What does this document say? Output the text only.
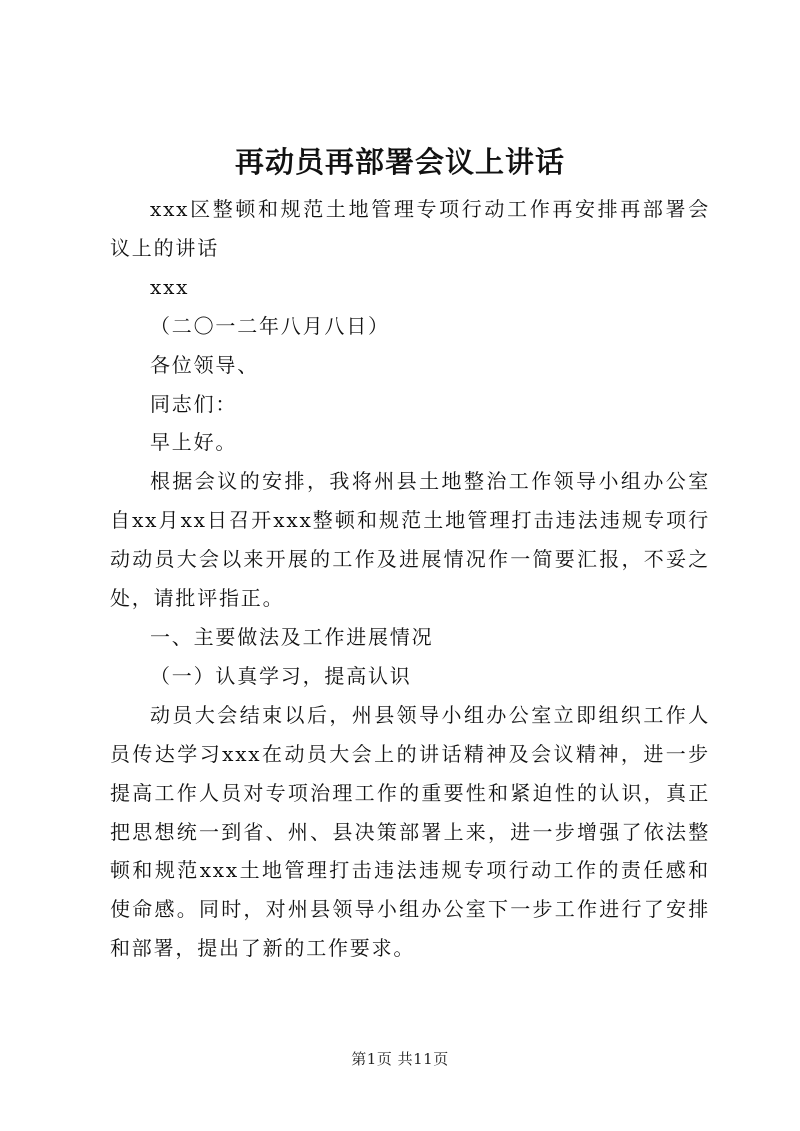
再动员再部署会议上讲话

xxx区整顿和规范土地管理专项行动工作再安排再部署会议上的讲话

xxx

（二〇一二年八月八日）

各位领导、

同志们：

早上好。

根据会议的安排，我将州县土地整治工作领导小组办公室自xx月xx日召开xxx整顿和规范土地管理打击违法违规专项行动动员大会以来开展的工作及进展情况作一简要汇报，不妥之处，请批评指正。

一、主要做法及工作进展情况

（一）认真学习，提高认识

动员大会结束以后，州县领导小组办公室立即组织工作人员传达学习xxx在动员大会上的讲话精神及会议精神，进一步提高工作人员对专项治理工作的重要性和紧迫性的认识，真正把思想统一到省、州、县决策部署上来，进一步增强了依法整顿和规范xxx土地管理打击违法违规专项行动工作的责任感和使命感。同时，对州县领导小组办公室下一步工作进行了安排和部署，提出了新的工作要求。

第1页 共11页
